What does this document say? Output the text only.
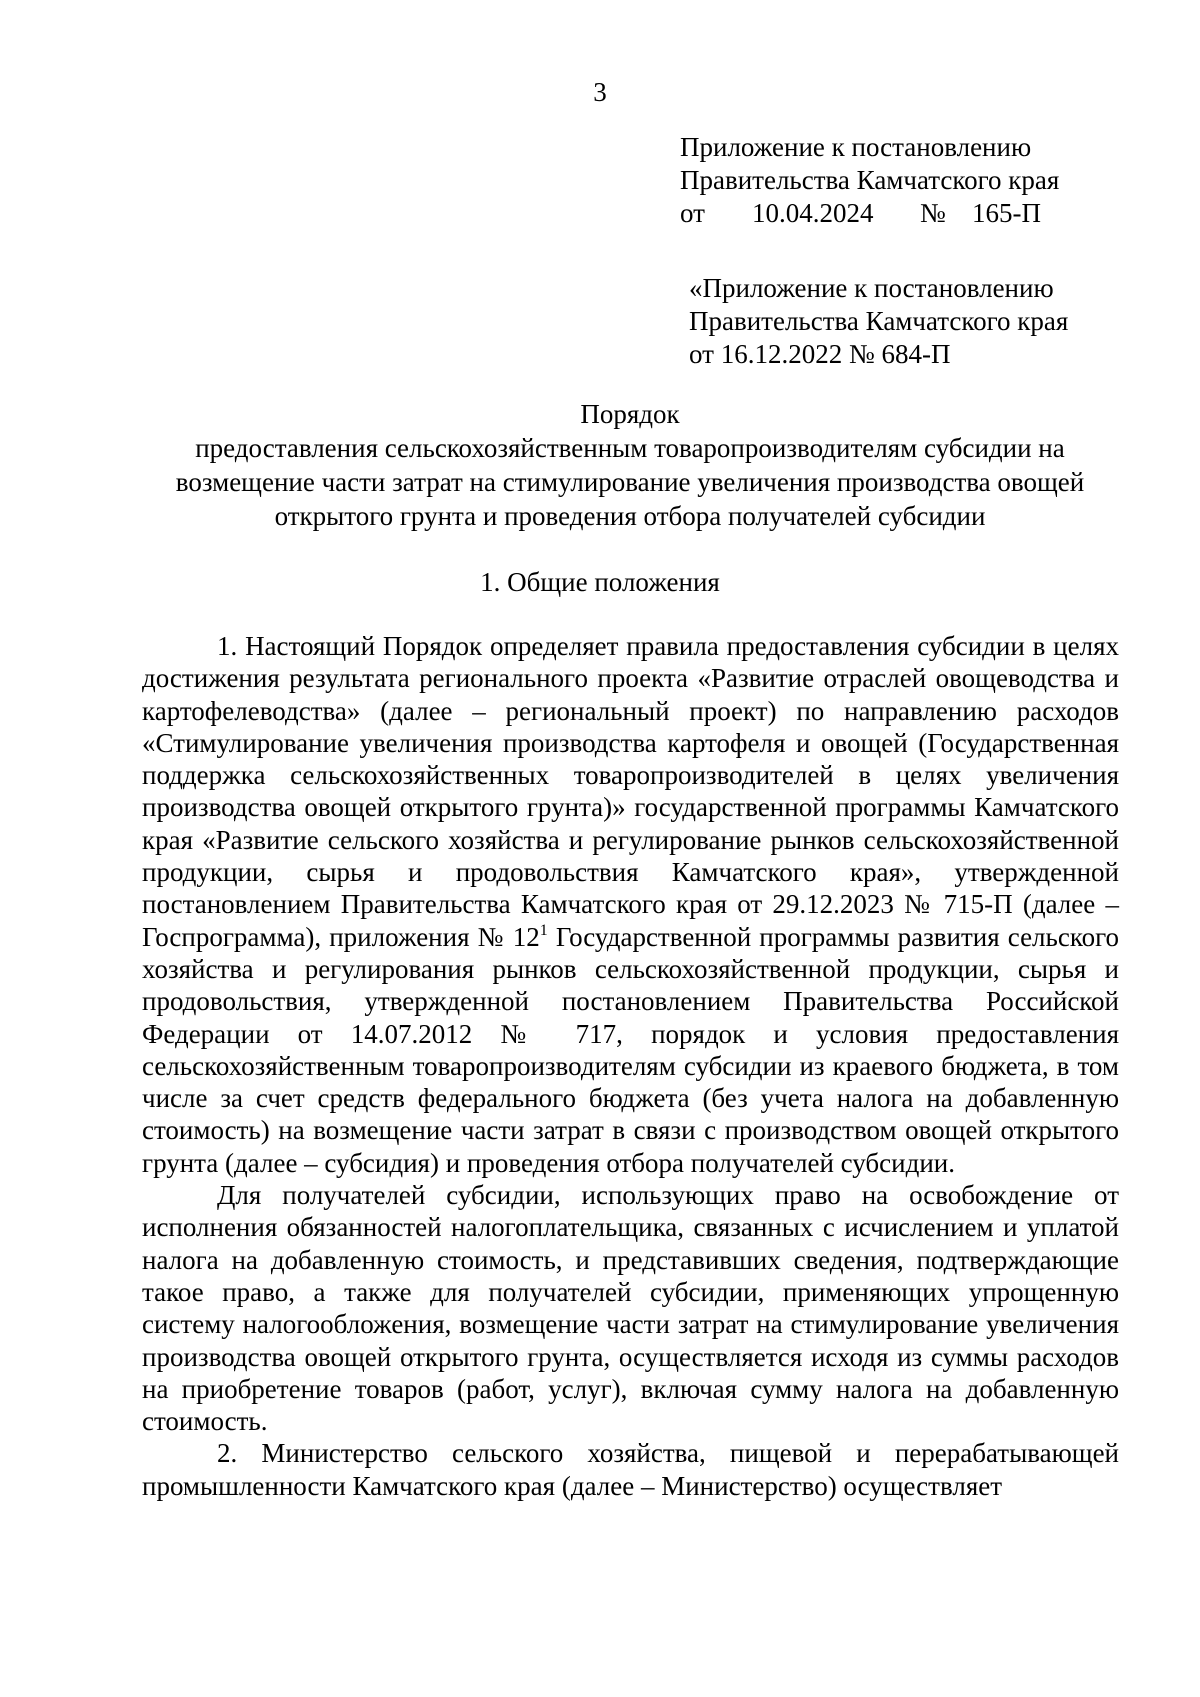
3
Приложение к постановлению
Правительства Камчатского края
от 10.04.2024 № 165-П
«Приложение к постановлению
Правительства Камчатского края
от 16.12.2022 № 684-П
Порядок
предоставления сельскохозяйственным товаропроизводителям субсидии на
возмещение части затрат на стимулирование увеличения производства овощей
открытого грунта и проведения отбора получателей субсидии
1. Общие положения

1. Настоящий Порядок определяет правила предоставления субсидии в целях достижения результата регионального проекта «Развитие отраслей овощеводства и картофелеводства» (далее – региональный проект) по направлению расходов «Стимулирование увеличения производства картофеля и овощей (Государственная поддержка сельскохозяйственных товаропроизводителей в целях увеличения производства овощей открытого грунта)» государственной программы Камчатского края «Развитие сельского хозяйства и регулирование рынков сельскохозяйственной продукции, сырья и продовольствия Камчатского края», утвержденной постановлением Правительства Камчатского края от 29.12.2023 № 715-П (далее – Госпрограмма), приложения № $12^1$ Государственной программы развития сельского хозяйства и регулирования рынков сельскохозяйственной продукции, сырья и продовольствия, утвержденной постановлением Правительства Российской Федерации от 14.07.2012 № 717, порядок и условия предоставления сельскохозяйственным товаропроизводителям субсидии из краевого бюджета, в том числе за счет средств федерального бюджета (без учета налога на добавленную стоимость) на возмещение части затрат в связи с производством овощей открытого грунта (далее – субсидия) и проведения отбора получателей субсидии.

Для получателей субсидии, использующих право на освобождение от исполнения обязанностей налогоплательщика, связанных с исчислением и уплатой налога на добавленную стоимость, и представивших сведения, подтверждающие такое право, а также для получателей субсидии, применяющих упрощенную систему налогообложения, возмещение части затрат на стимулирование увеличения производства овощей открытого грунта, осуществляется исходя из суммы расходов на приобретение товаров (работ, услуг), включая сумму налога на добавленную стоимость.

2. Министерство сельского хозяйства, пищевой и перерабатывающей промышленности Камчатского края (далее – Министерство) осуществляет
